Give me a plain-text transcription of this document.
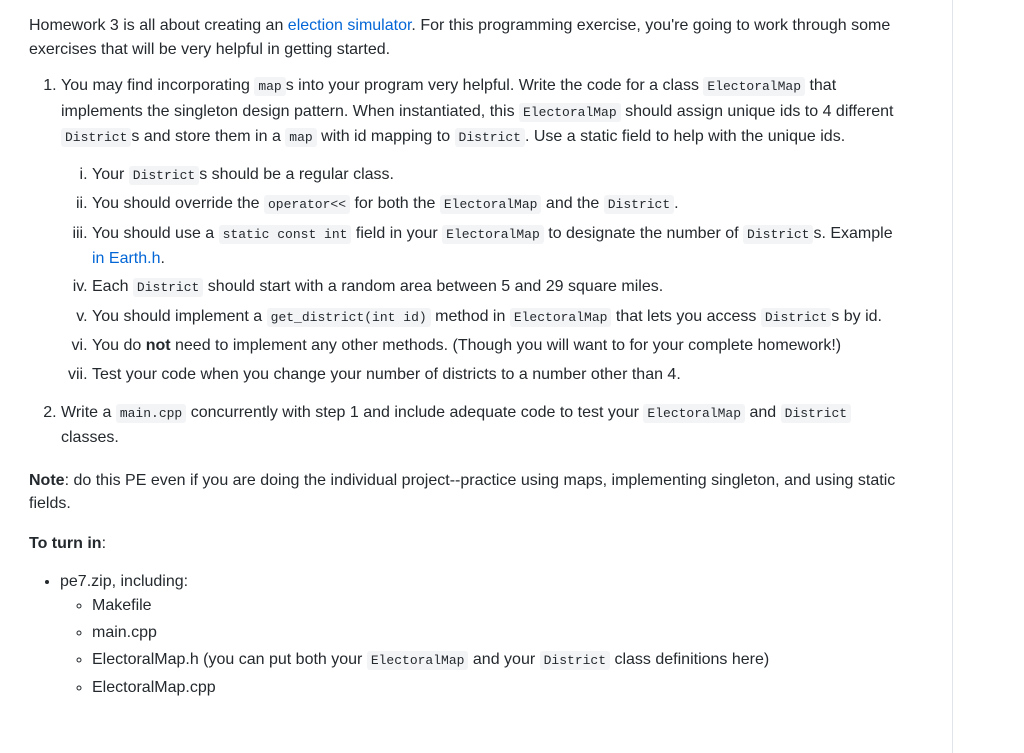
Homework 3 is all about creating an election simulator. For this programming exercise, you're going to work through some exercises that will be very helpful in getting started.

1. You may find incorporating map s into your program very helpful. Write the code for a class ElectoralMap that implements the singleton design pattern. When instantiated, this ElectoralMap should assign unique ids to 4 different District s and store them in a map with id mapping to District . Use a static field to help with the unique ids.

i. Your District s should be a regular class.
ii. You should override the operator<< for both the ElectoralMap and the District .
iii. You should use a static const int field in your ElectoralMap to designate the number of District s. Example in Earth.h.
iv. Each District should start with a random area between 5 and 29 square miles.
v. You should implement a get_district(int id) method in ElectoralMap that lets you access District s by id.
vi. You do not need to implement any other methods. (Though you will want to for your complete homework!)
vii. Test your code when you change your number of districts to a number other than 4.

2. Write a main.cpp concurrently with step 1 and include adequate code to test your ElectoralMap and District classes.

Note: do this PE even if you are doing the individual project--practice using maps, implementing singleton, and using static fields.

To turn in:

• pe7.zip, including:
◦ Makefile
◦ main.cpp
◦ ElectoralMap.h (you can put both your ElectoralMap and your District class definitions here)
◦ ElectoralMap.cpp
